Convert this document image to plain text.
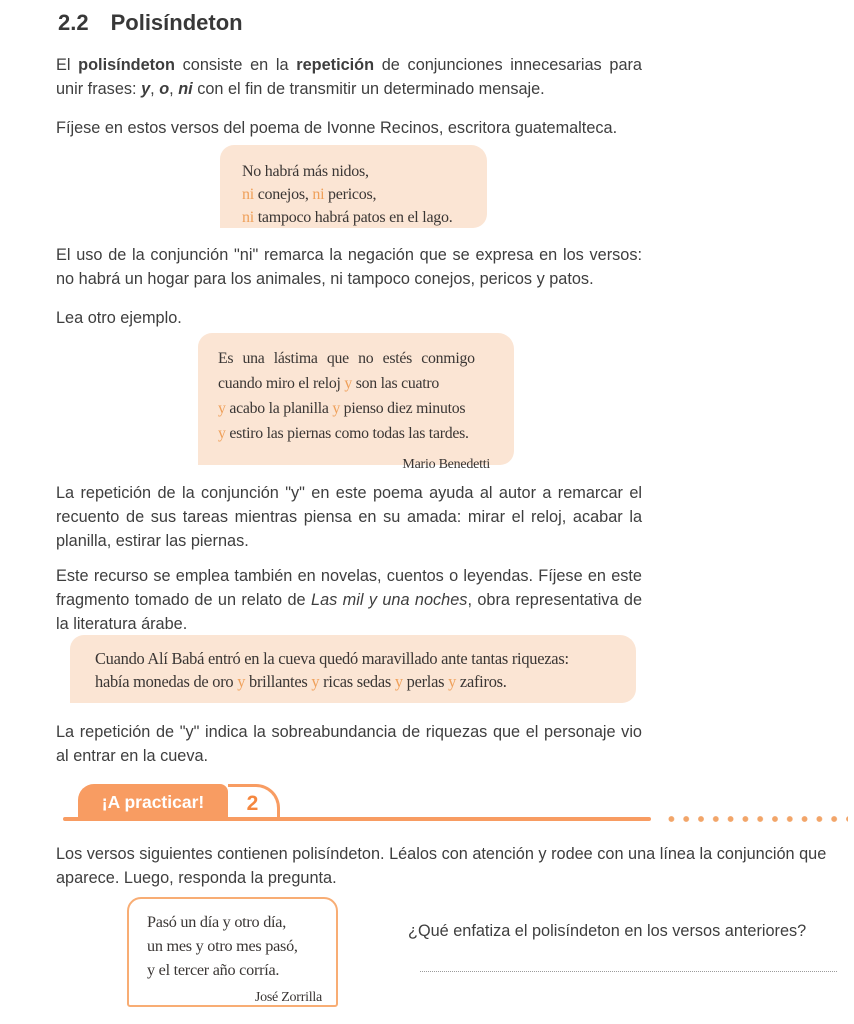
2.2 Polisíndeton

El polisíndeton consiste en la repetición de conjunciones innecesarias para unir frases: y, o, ni con el fin de transmitir un determinado mensaje.

Fíjese en estos versos del poema de Ivonne Recinos, escritora guatemalteca.

No habrá más nidos,
ni conejos, ni pericos,
ni tampoco habrá patos en el lago.

El uso de la conjunción "ni" remarca la negación que se expresa en los versos: no habrá un hogar para los animales, ni tampoco conejos, pericos y patos.

Lea otro ejemplo.

Es una lástima que no estés conmigo
cuando miro el reloj y son las cuatro
y acabo la planilla y pienso diez minutos
y estiro las piernas como todas las tardes.
Mario Benedetti

La repetición de la conjunción "y" en este poema ayuda al autor a remarcar el recuento de sus tareas mientras piensa en su amada: mirar el reloj, acabar la planilla, estirar las piernas.

Este recurso se emplea también en novelas, cuentos o leyendas. Fíjese en este fragmento tomado de un relato de Las mil y una noches, obra representativa de la literatura árabe.

Cuando Alí Babá entró en la cueva quedó maravillado ante tantas riquezas:
había monedas de oro y brillantes y ricas sedas y perlas y zafiros.

La repetición de "y" indica la sobreabundancia de riquezas que el personaje vio al entrar en la cueva.

¡A practicar! 2

Los versos siguientes contienen polisíndeton. Léalos con atención y rodee con una línea la conjunción que aparece. Luego, responda la pregunta.

Pasó un día y otro día,
un mes y otro mes pasó,
y el tercer año corría.
José Zorrilla
¿Qué enfatiza el polisíndeton en los versos anteriores?
